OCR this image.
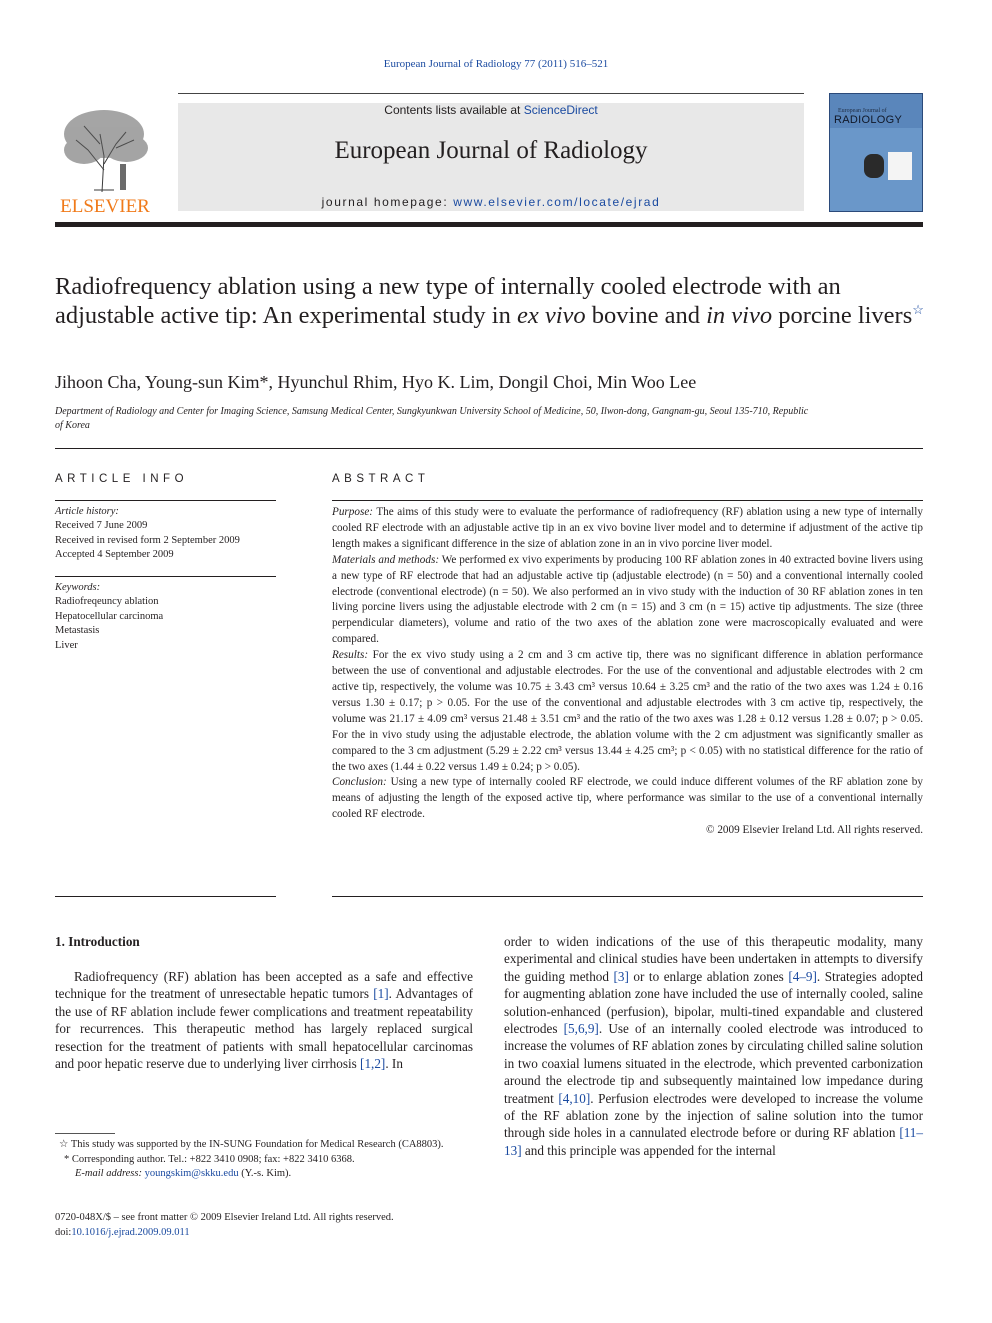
European Journal of Radiology 77 (2011) 516–521
ELSEVIER
Contents lists available at ScienceDirect
European Journal of Radiology
journal homepage: www.elsevier.com/locate/ejrad
European Journal of
RADIOLOGY
Radiofrequency ablation using a new type of internally cooled electrode with an adjustable active tip: An experimental study in ex vivo bovine and in vivo porcine livers☆
Jihoon Cha, Young-sun Kim*, Hyunchul Rhim, Hyo K. Lim, Dongil Choi, Min Woo Lee
Department of Radiology and Center for Imaging Science, Samsung Medical Center, Sungkyunkwan University School of Medicine, 50, Ilwon-dong, Gangnam-gu, Seoul 135-710, Republic of Korea
ARTICLE INFO
Article history:
Received 7 June 2009
Received in revised form 2 September 2009
Accepted 4 September 2009
Keywords:
Radiofreqeuncy ablation
Hepatocellular carcinoma
Metastasis
Liver
ABSTRACT

Purpose: The aims of this study were to evaluate the performance of radiofrequency (RF) ablation using a new type of internally cooled RF electrode with an adjustable active tip in an ex vivo bovine liver model and to determine if adjustment of the active tip length makes a significant difference in the size of ablation zone in an in vivo porcine liver model.

Materials and methods: We performed ex vivo experiments by producing 100 RF ablation zones in 40 extracted bovine livers using a new type of RF electrode that had an adjustable active tip (adjustable electrode) (n = 50) and a conventional internally cooled electrode (conventional electrode) (n = 50). We also performed an in vivo study with the induction of 30 RF ablation zones in ten living porcine livers using the adjustable electrode with 2 cm (n = 15) and 3 cm (n = 15) active tip adjustments. The size (three perpendicular diameters), volume and ratio of the two axes of the ablation zone were macroscopically evaluated and were compared.

Results: For the ex vivo study using a 2 cm and 3 cm active tip, there was no significant difference in ablation performance between the use of conventional and adjustable electrodes. For the use of the conventional and adjustable electrodes with 2 cm active tip, respectively, the volume was 10.75 ± 3.43 cm³ versus 10.64 ± 3.25 cm³ and the ratio of the two axes was 1.24 ± 0.16 versus 1.30 ± 0.17; p > 0.05. For the use of the conventional and adjustable electrodes with 3 cm active tip, respectively, the volume was 21.17 ± 4.09 cm³ versus 21.48 ± 3.51 cm³ and the ratio of the two axes was 1.28 ± 0.12 versus 1.28 ± 0.07; p > 0.05. For the in vivo study using the adjustable electrode, the ablation volume with the 2 cm adjustment was significantly smaller as compared to the 3 cm adjustment (5.29 ± 2.22 cm³ versus 13.44 ± 4.25 cm³; p < 0.05) with no statistical difference for the ratio of the two axes (1.44 ± 0.22 versus 1.49 ± 0.24; p > 0.05).

Conclusion: Using a new type of internally cooled RF electrode, we could induce different volumes of the RF ablation zone by means of adjusting the length of the exposed active tip, where performance was similar to the use of a conventional internally cooled RF electrode.

© 2009 Elsevier Ireland Ltd. All rights reserved.

1. Introduction

Radiofrequency (RF) ablation has been accepted as a safe and effective technique for the treatment of unresectable hepatic tumors [1]. Advantages of the use of RF ablation include fewer complications and treatment repeatability for recurrences. This therapeutic method has largely replaced surgical resection for the treatment of patients with small hepatocellular carcinomas and poor hepatic reserve due to underlying liver cirrhosis [1,2]. In

order to widen indications of the use of this therapeutic modality, many experimental and clinical studies have been undertaken in attempts to diversify the guiding method [3] or to enlarge ablation zones [4–9]. Strategies adopted for augmenting ablation zone have included the use of internally cooled, saline solution-enhanced (perfusion), bipolar, multi-tined expandable and clustered electrodes [5,6,9]. Use of an internally cooled electrode was introduced to increase the volumes of RF ablation zones by circulating chilled saline solution in two coaxial lumens situated in the electrode, which prevented carbonization around the electrode tip and subsequently maintained low impedance during treatment [4,10]. Perfusion electrodes were developed to increase the volume of the RF ablation zone by the injection of saline solution into the tumor through side holes in a cannulated electrode before or during RF ablation [11–13] and this principle was appended for the internal

☆ This study was supported by the IN-SUNG Foundation for Medical Research (CA8803).
* Corresponding author. Tel.: +822 3410 0908; fax: +822 3410 6368.
E-mail address: youngskim@skku.edu (Y.-s. Kim).
0720-048X/$ – see front matter © 2009 Elsevier Ireland Ltd. All rights reserved.
doi:10.1016/j.ejrad.2009.09.011
